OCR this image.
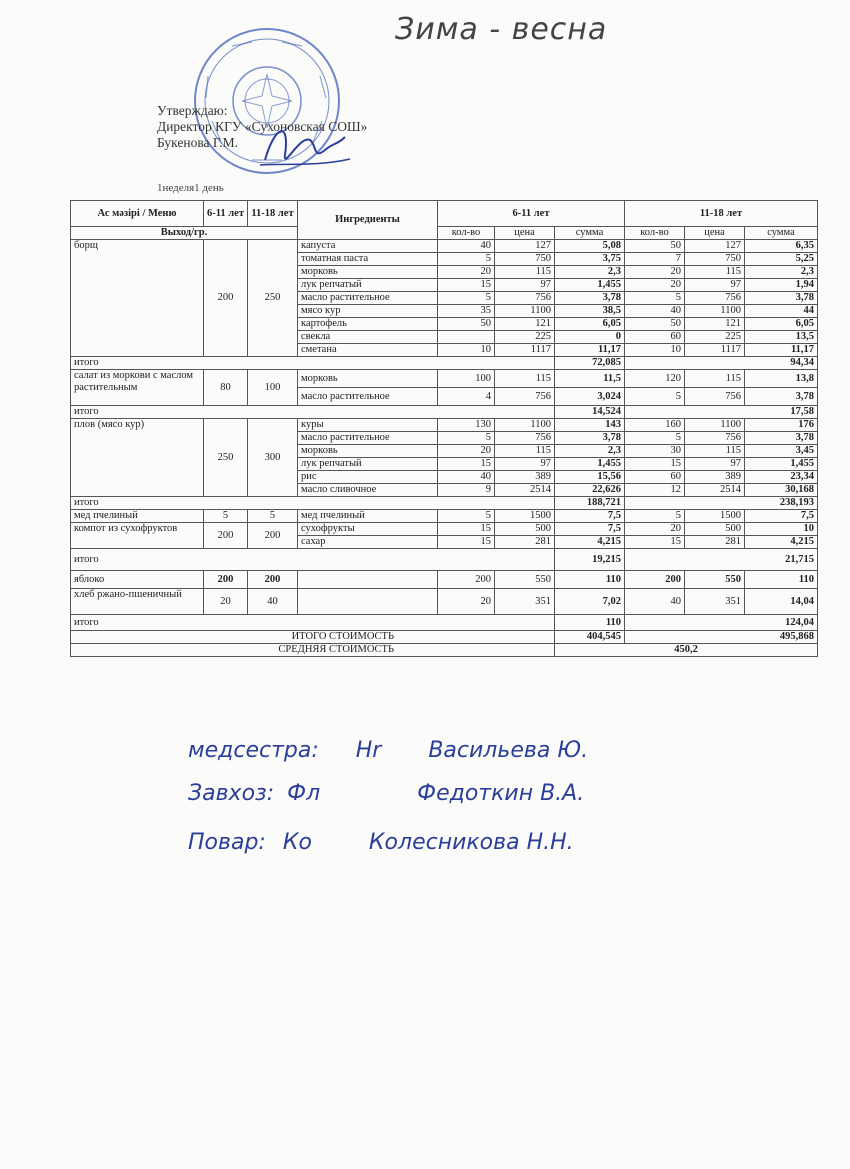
Зима - весна
Утверждаю:
Директор КГУ «Сухоновская СОШ»
Букенова Г.М.
1неделя1 день
Ас мәзірі / Меню	6-11 лет	11-18 лет	Ингредиенты	6-11 лет			11-18 лет		
Выход/гр.				кол-во	цена	сумма	кол-во	цена	сумма
борщ	200	250	капуста	40	127	5,08	50	127	6,35
			томатная паста	5	750	3,75	7	750	5,25
			морковь	20	115	2,3	20	115	2,3
			лук репчатый	15	97	1,455	20	97	1,94
			масло растительное	5	756	3,78	5	756	3,78
			мясо кур	35	1100	38,5	40	1100	44
			картофель	50	121	6,05	50	121	6,05
			свекла		225	0	60	225	13,5
			сметана	10	1117	11,17	10	1117	11,17
итого						72,085	94,34		
салат из моркови с маслом растительным	80	100	морковь	100	115	11,5	120	115	13,8
			масло растительное	4	756	3,024	5	756	3,78
итого						14,524	17,58		
плов (мясо кур)	250	300	куры	130	1100	143	160	1100	176
			масло растительное	5	756	3,78	5	756	3,78
			морковь	20	115	2,3	30	115	3,45
			лук репчатый	15	97	1,455	15	97	1,455
			рис	40	389	15,56	60	389	23,34
			масло сливочное	9	2514	22,626	12	2514	30,168
итого						188,721	238,193		
мед пчелиный	5	5	мед пчелиный	5	1500	7,5	5	1500	7,5
компот из сухофруктов	200	200	сухофрукты	15	500	7,5	20	500	10
			сахар	15	281	4,215	15	281	4,215
итого						19,215	21,715		
яблоко	200	200		200	550	110	200	550	110
хлеб ржано-пшеничный	20	40		20	351	7,02	40	351	14,04
итого						110	124,04		
ИТОГО СТОИМОСТЬ						404,545	495,868		
СРЕДНЯЯ СТОИМОСТЬ						450,2			
медсестра: Hr Васильева Ю.
Завхоз: Фл	Федоткин В.А.
Повар: Ко	Колесникова Н.Н.
